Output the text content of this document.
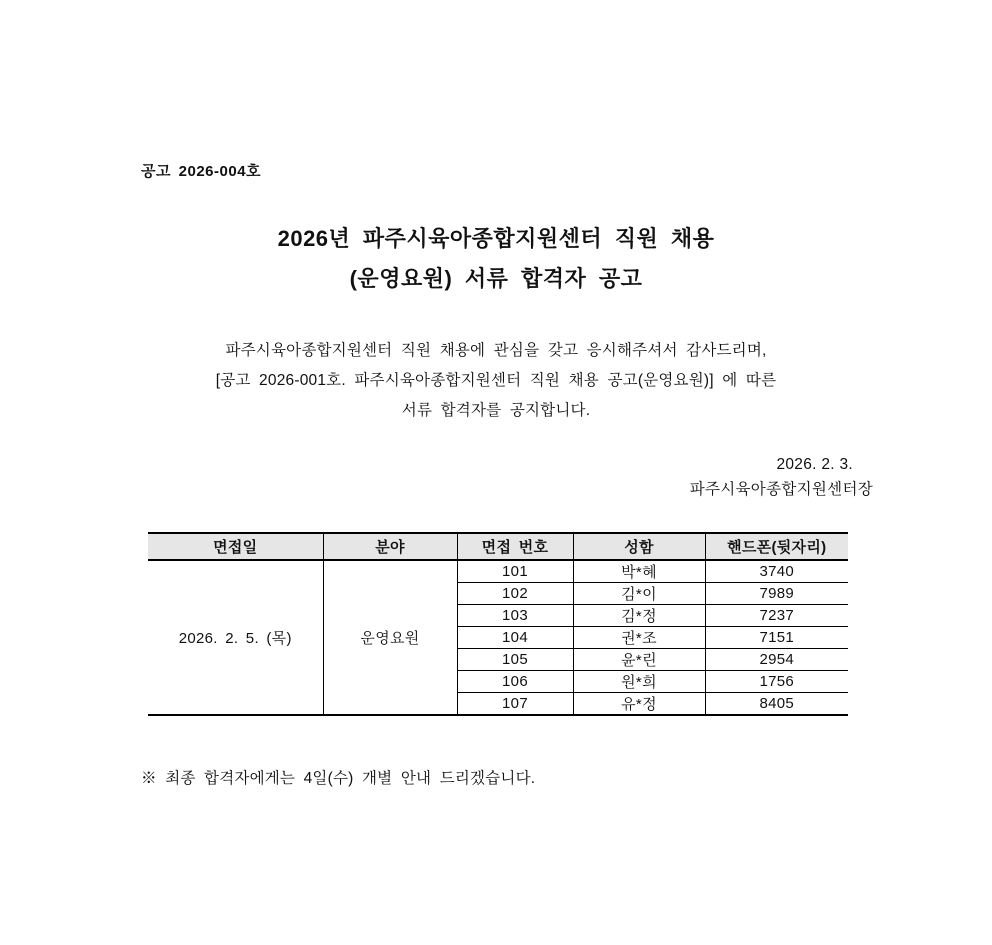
공고 2026-004호
2026년 파주시육아종합지원센터 직원 채용
(운영요원) 서류 합격자 공고
파주시육아종합지원센터 직원 채용에 관심을 갖고 응시해주셔서 감사드리며,
[공고 2026-001호. 파주시육아종합지원센터 직원 채용 공고(운영요원)] 에 따른
서류 합격자를 공지합니다.
2026. 2. 3.
파주시육아종합지원센터장
면접일	분야	면접 번호	성함	핸드폰(뒷자리)
2026. 2. 5. (목)	운영요원	101	박*혜	3740
		102	김*이	7989
		103	김*정	7237
		104	권*조	7151
		105	윤*린	2954
		106	원*희	1756
		107	유*정	8405
※ 최종 합격자에게는 4일(수) 개별 안내 드리겠습니다.
